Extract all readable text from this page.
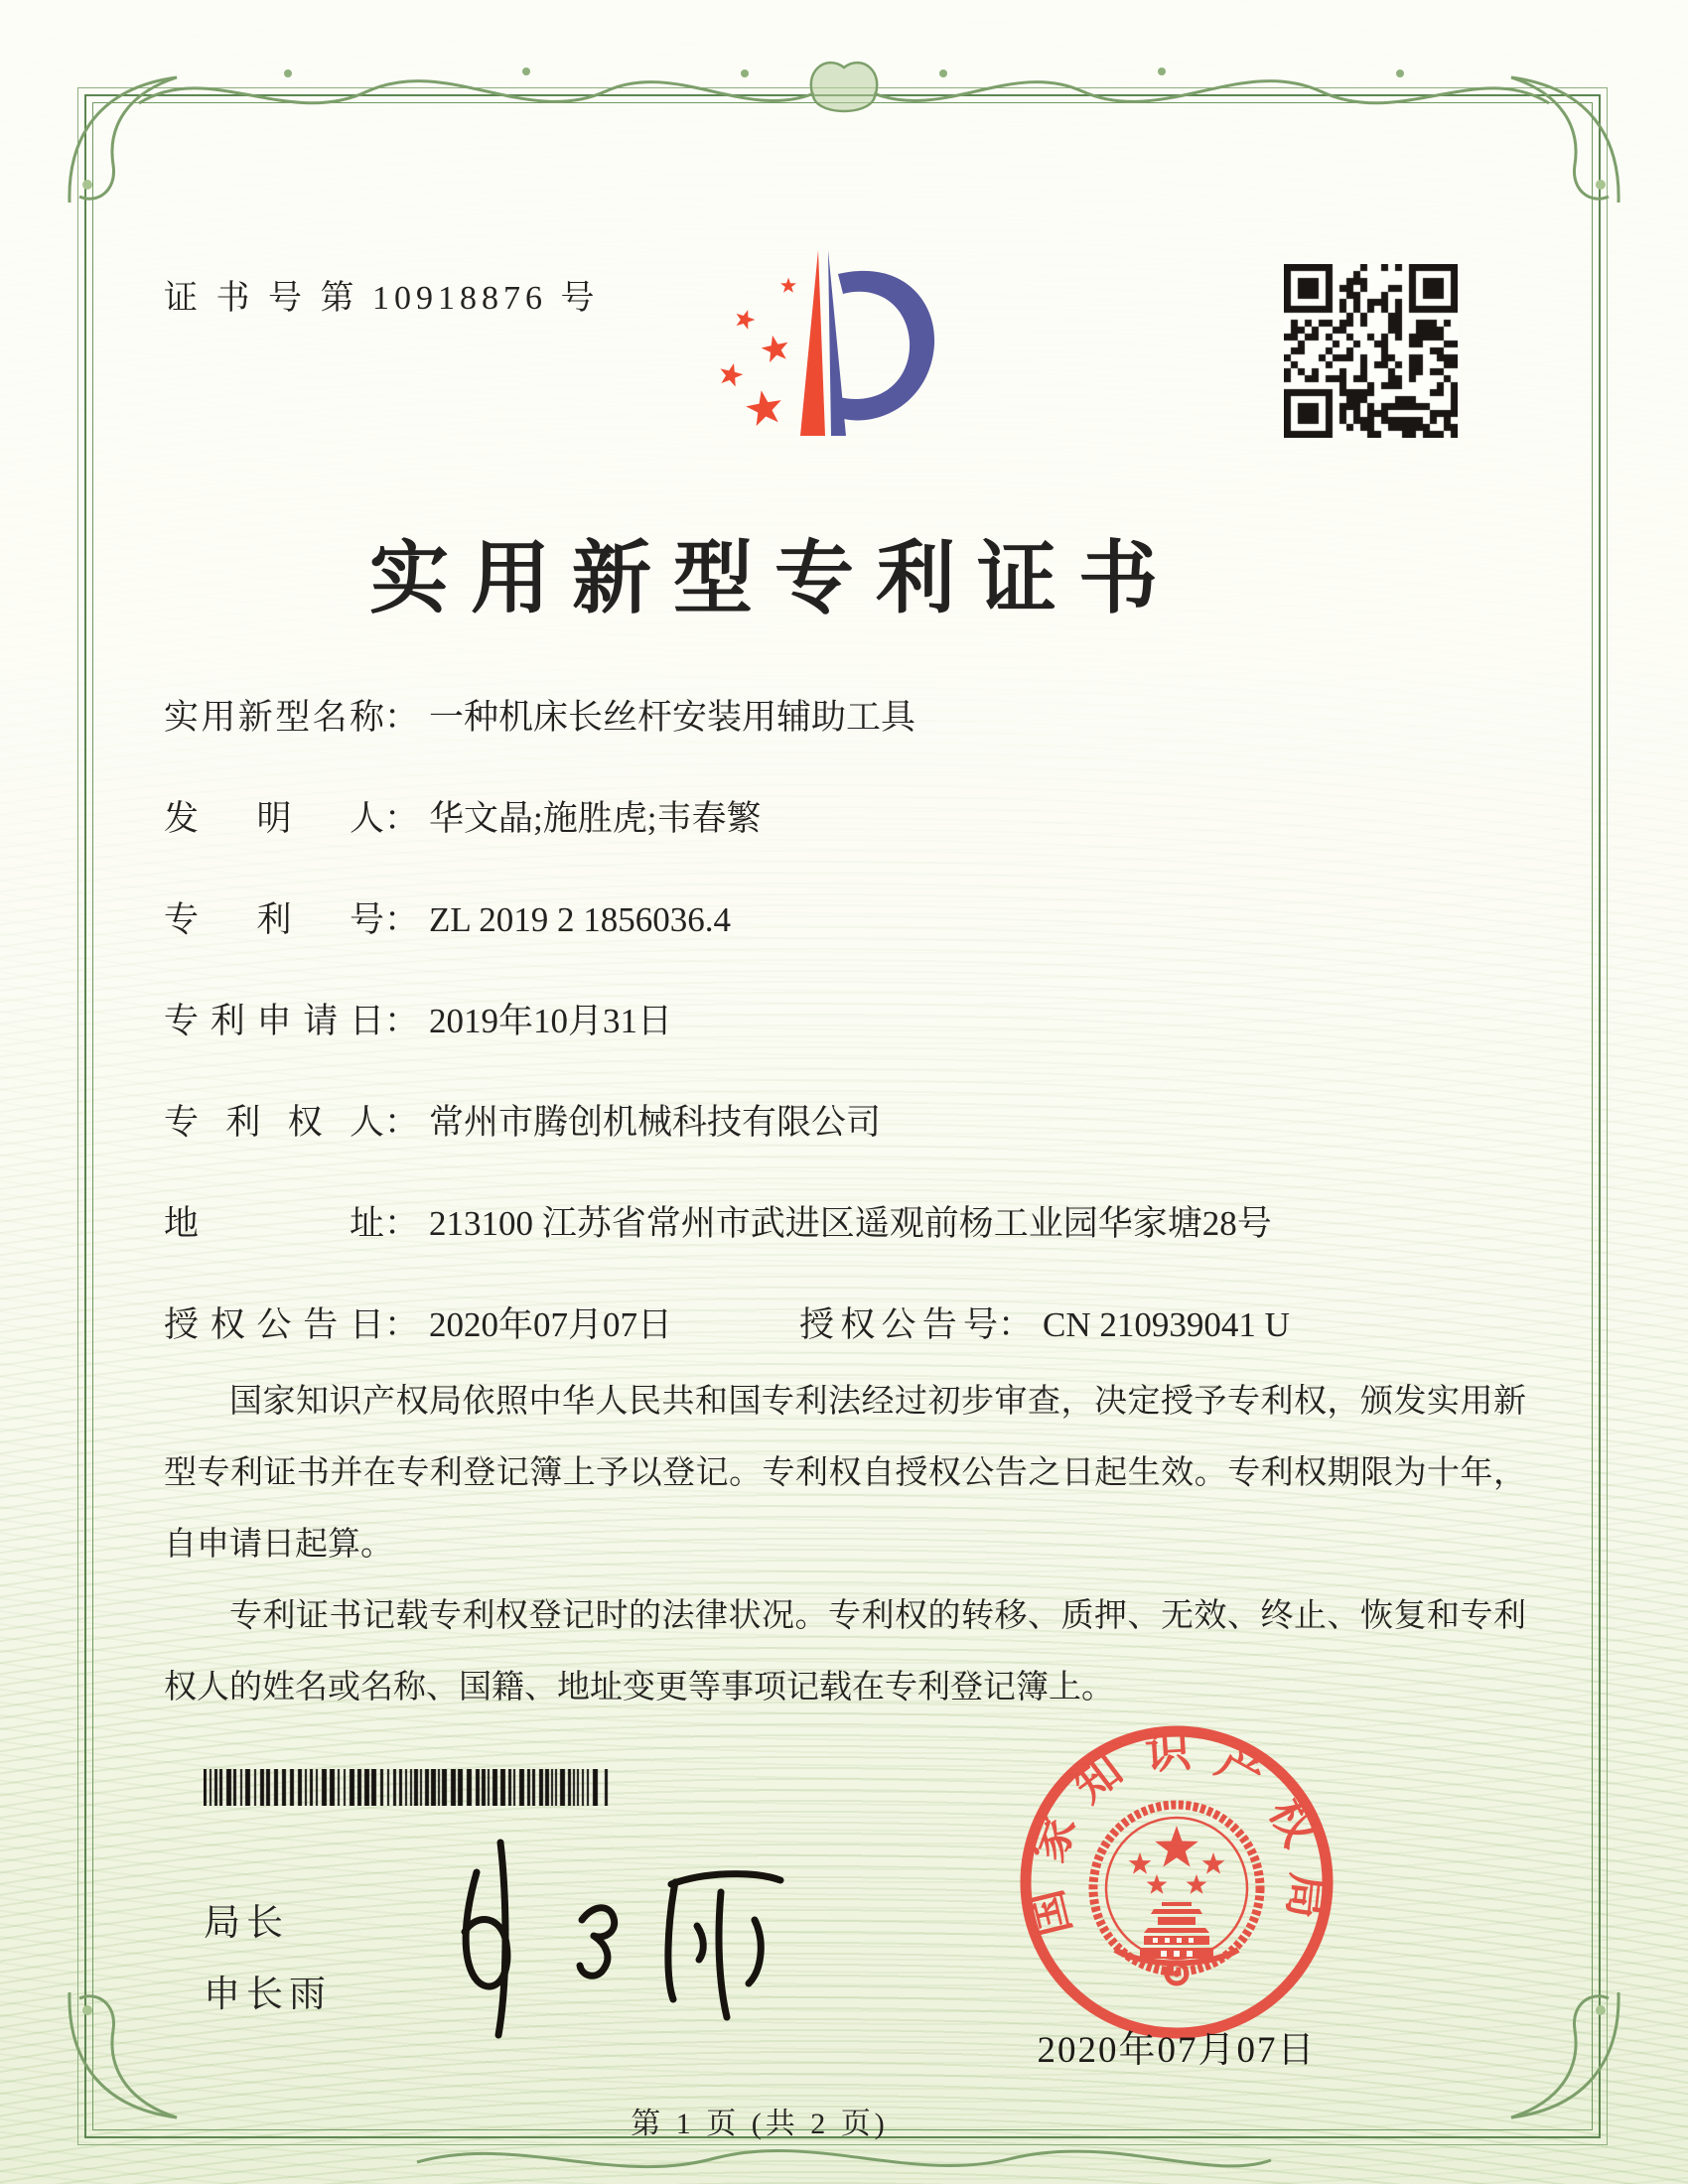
证 书 号 第 10918876 号
实用新型专利证书
实用新型名称： 一种机床长丝杆安装用辅助工具
发明人： 华文晶;施胜虎;韦春繁
专利号： ZL 2019 2 1856036.4
专利申请日： 2019年10月31日
专利权人： 常州市腾创机械科技有限公司
地址： 213100 江苏省常州市武进区遥观前杨工业园华家塘28号
授权公告日： 2020年07月07日	授权公告号： CN 210939041 U

国家知识产权局依照中华人民共和国专利法经过初步审查，决定授予专利权，颁发实用新型专利证书并在专利登记簿上予以登记。专利权自授权公告之日起生效。专利权期限为十年，自申请日起算。

专利证书记载专利权登记时的法律状况。专利权的转移、质押、无效、终止、恢复和专利权人的姓名或名称、国籍、地址变更等事项记载在专利登记簿上。

局长
申长雨
国家知识产权局
2020年07月07日
第 1 页 (共 2 页)
